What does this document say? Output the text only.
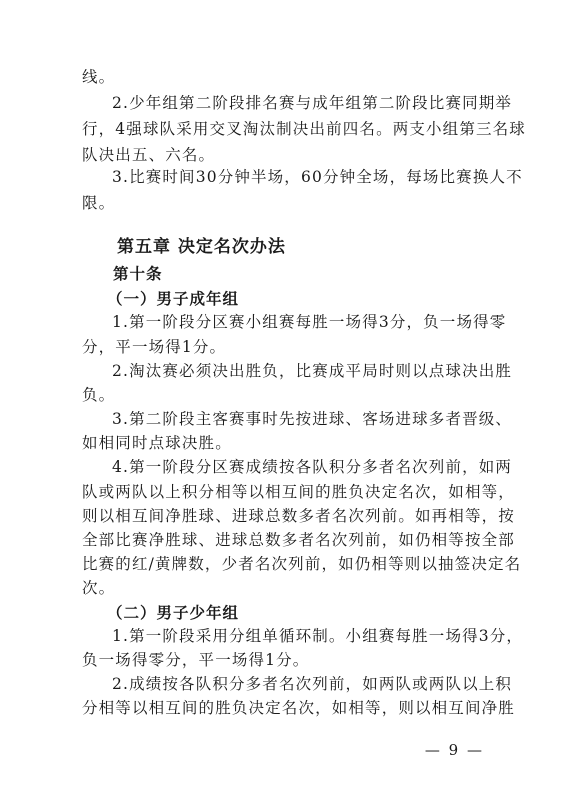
线。
2.少年组第二阶段排名赛与成年组第二阶段比赛同期举
行，4强球队采用交叉淘汰制决出前四名。两支小组第三名球
队决出五、六名。
3.比赛时间30分钟半场，60分钟全场，每场比赛换人不
限。
第五章 决定名次办法
第十条
（一）男子成年组
1.第一阶段分区赛小组赛每胜一场得3分，负一场得零
分，平一场得1分。
2.淘汰赛必须决出胜负，比赛成平局时则以点球决出胜
负。
3.第二阶段主客赛事时先按进球、客场进球多者晋级、
如相同时点球决胜。
4.第一阶段分区赛成绩按各队积分多者名次列前，如两
队或两队以上积分相等以相互间的胜负决定名次，如相等，
则以相互间净胜球、进球总数多者名次列前。如再相等，按
全部比赛净胜球、进球总数多者名次列前，如仍相等按全部
比赛的红/黄牌数，少者名次列前，如仍相等则以抽签决定名
次。
（二）男子少年组
1.第一阶段采用分组单循环制。小组赛每胜一场得3分，
负一场得零分，平一场得1分。
2.成绩按各队积分多者名次列前，如两队或两队以上积
分相等以相互间的胜负决定名次，如相等，则以相互间净胜
— 9 —
